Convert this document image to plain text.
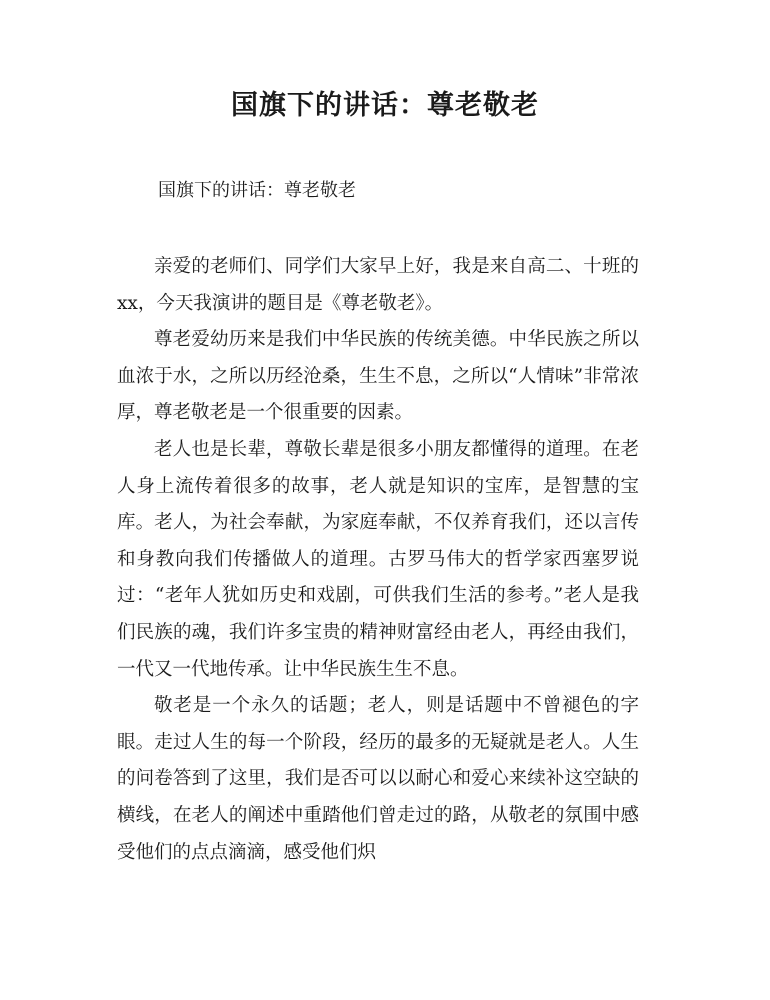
国旗下的讲话：尊老敬老

国旗下的讲话：尊老敬老

亲爱的老师们、同学们大家早上好，我是来自高二、十班的 xx，今天我演讲的题目是《尊老敬老》。

尊老爱幼历来是我们中华民族的传统美德。中华民族之所以血浓于水，之所以历经沧桑，生生不息，之所以“人情味”非常浓厚，尊老敬老是一个很重要的因素。

老人也是长辈，尊敬长辈是很多小朋友都懂得的道理。在老人身上流传着很多的故事，老人就是知识的宝库，是智慧的宝库。老人，为社会奉献，为家庭奉献，不仅养育我们，还以言传和身教向我们传播做人的道理。古罗马伟大的哲学家西塞罗说过：“老年人犹如历史和戏剧，可供我们生活的参考。”老人是我们民族的魂，我们许多宝贵的精神财富经由老人，再经由我们，一代又一代地传承。让中华民族生生不息。

敬老是一个永久的话题；老人，则是话题中不曾褪色的字眼。走过人生的每一个阶段，经历的最多的无疑就是老人。人生的问卷答到了这里，我们是否可以以耐心和爱心来续补这空缺的横线，在老人的阐述中重踏他们曾走过的路，从敬老的氛围中感受他们的点点滴滴，感受他们炽
